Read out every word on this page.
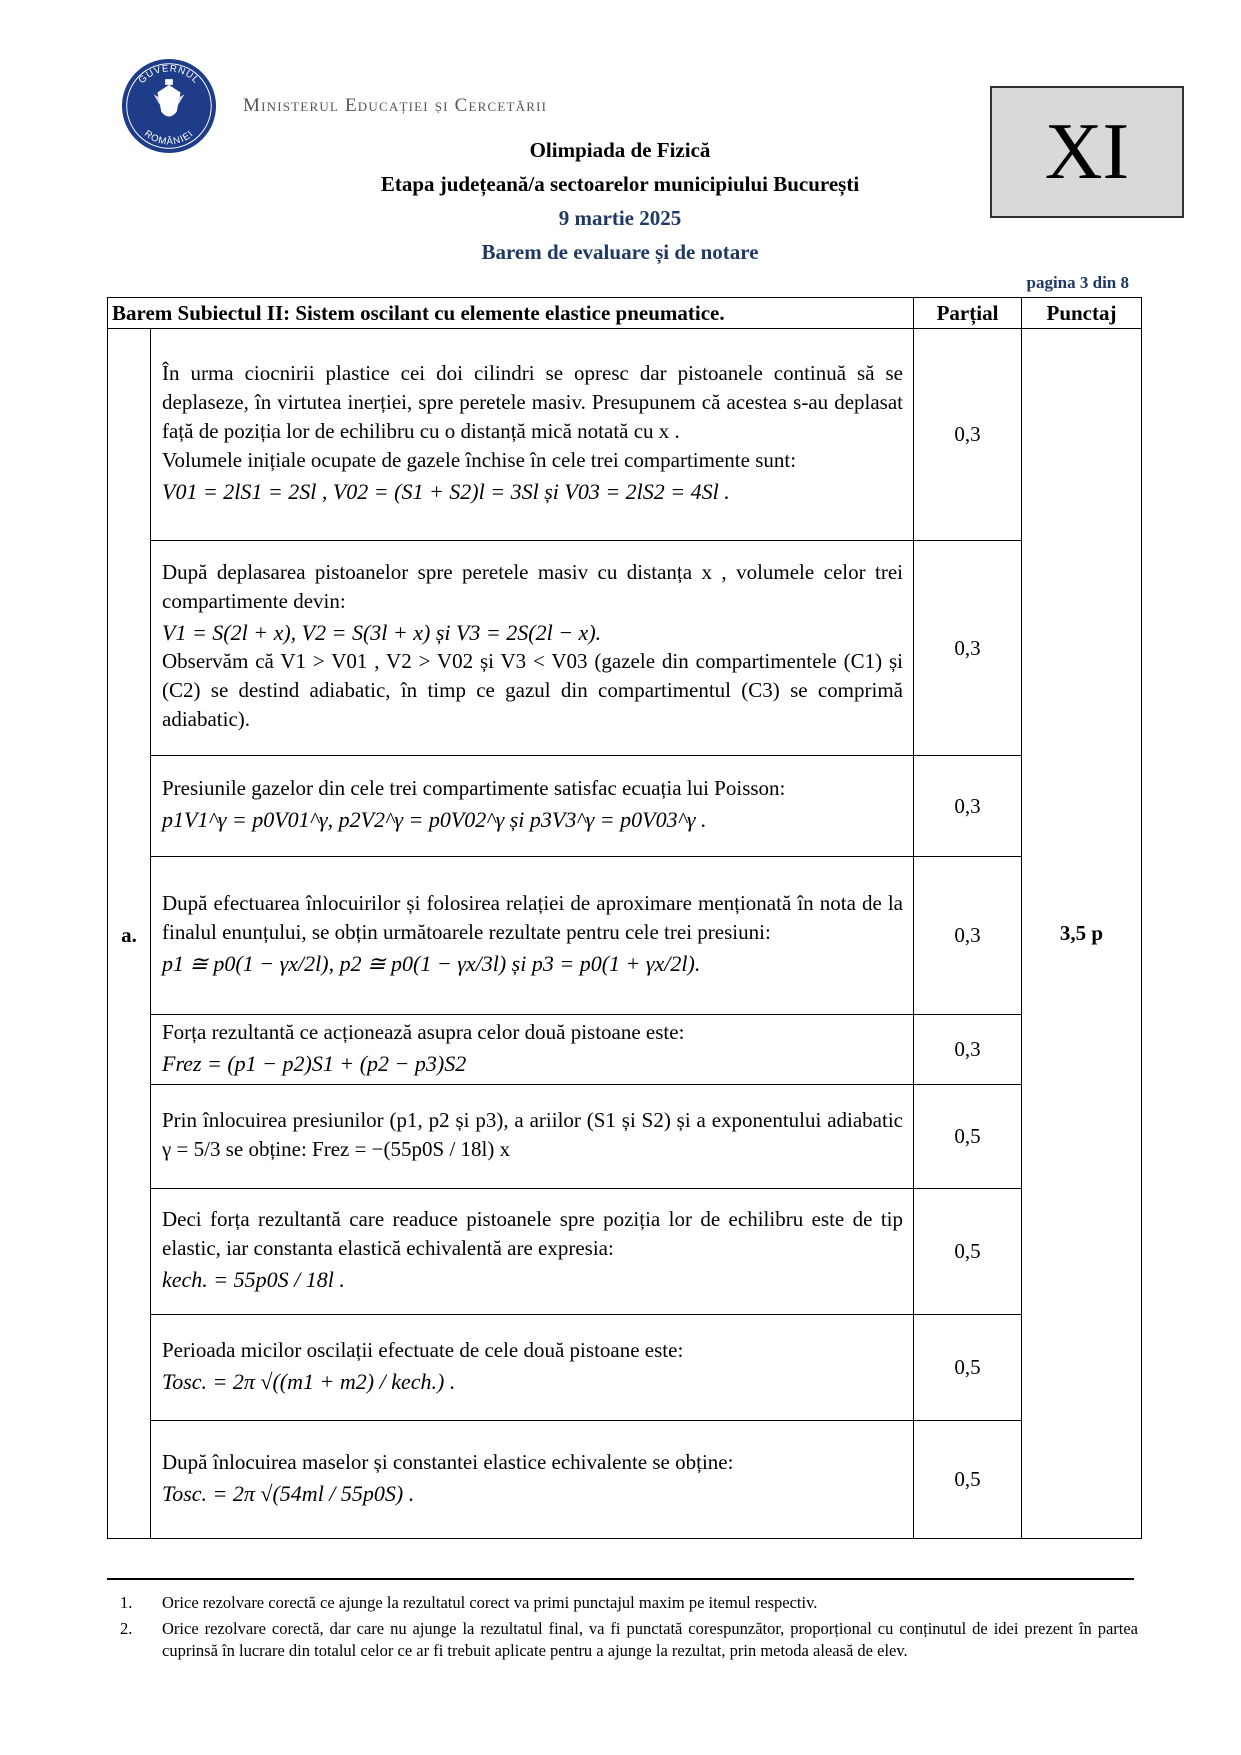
GUVERNUL
ROMÂNIEI
Ministerul Educației și Cercetării
XI
Olimpiada de Fizică
Etapa județeană/a sectoarelor municipiului București
9 martie 2025
Barem de evaluare și de notare
pagina 3 din 8
Barem Subiectul II: Sistem oscilant cu elemente elastice pneumatice.		Parțial	Punctaj
a.	În urma ciocnirii plastice cei doi cilindri se opresc dar pistoanele continuă să se deplaseze, în virtutea inerției, spre peretele masiv. Presupunem că acestea s-au deplasat față de poziția lor de echilibru cu o distanță mică notată cu x .
Volumele inițiale ocupate de gazele închise în cele trei compartimente sunt:
V01 = 2lS1 = 2Sl , V02 = (S1 + S2)l = 3Sl și V03 = 2lS2 = 4Sl .	0,3	3,5 p
	După deplasarea pistoanelor spre peretele masiv cu distanța x , volumele celor trei compartimente devin:
V1 = S(2l + x), V2 = S(3l + x) și V3 = 2S(2l − x).
Observăm că V1 > V01 , V2 > V02 și V3 < V03 (gazele din compartimentele (C1) și (C2) se destind adiabatic, în timp ce gazul din compartimentul (C3) se comprimă adiabatic).	0,3	
	Presiunile gazelor din cele trei compartimente satisfac ecuația lui Poisson:
p1V1^γ = p0V01^γ, p2V2^γ = p0V02^γ și p3V3^γ = p0V03^γ .	0,3	
	După efectuarea înlocuirilor și folosirea relației de aproximare menționată în nota de la finalul enunțului, se obțin următoarele rezultate pentru cele trei presiuni:
p1 ≅ p0(1 − γx/2l), p2 ≅ p0(1 − γx/3l) și p3 = p0(1 + γx/2l).	0,3	
	Forța rezultantă ce acționează asupra celor două pistoane este:
Frez = (p1 − p2)S1 + (p2 − p3)S2	0,3	
	Prin înlocuirea presiunilor (p1, p2 și p3), a ariilor (S1 și S2) și a exponentului adiabatic γ = 5/3 se obține: Frez = −(55p0S / 18l) x	0,5	
	Deci forța rezultantă care readuce pistoanele spre poziția lor de echilibru este de tip elastic, iar constanta elastică echivalentă are expresia:
kech. = 55p0S / 18l .	0,5	
	Perioada micilor oscilații efectuate de cele două pistoane este:
Tosc. = 2π √((m1 + m2) / kech.) .	0,5	
	După înlocuirea maselor și constantei elastice echivalente se obține:
Tosc. = 2π √(54ml / 55p0S) .	0,5	
1.	Orice rezolvare corectă ce ajunge la rezultatul corect va primi punctajul maxim pe itemul respectiv.
2.	Orice rezolvare corectă, dar care nu ajunge la rezultatul final, va fi punctată corespunzător, proporțional cu conținutul de idei prezent în partea cuprinsă în lucrare din totalul celor ce ar fi trebuit aplicate pentru a ajunge la rezultat, prin metoda aleasă de elev.
